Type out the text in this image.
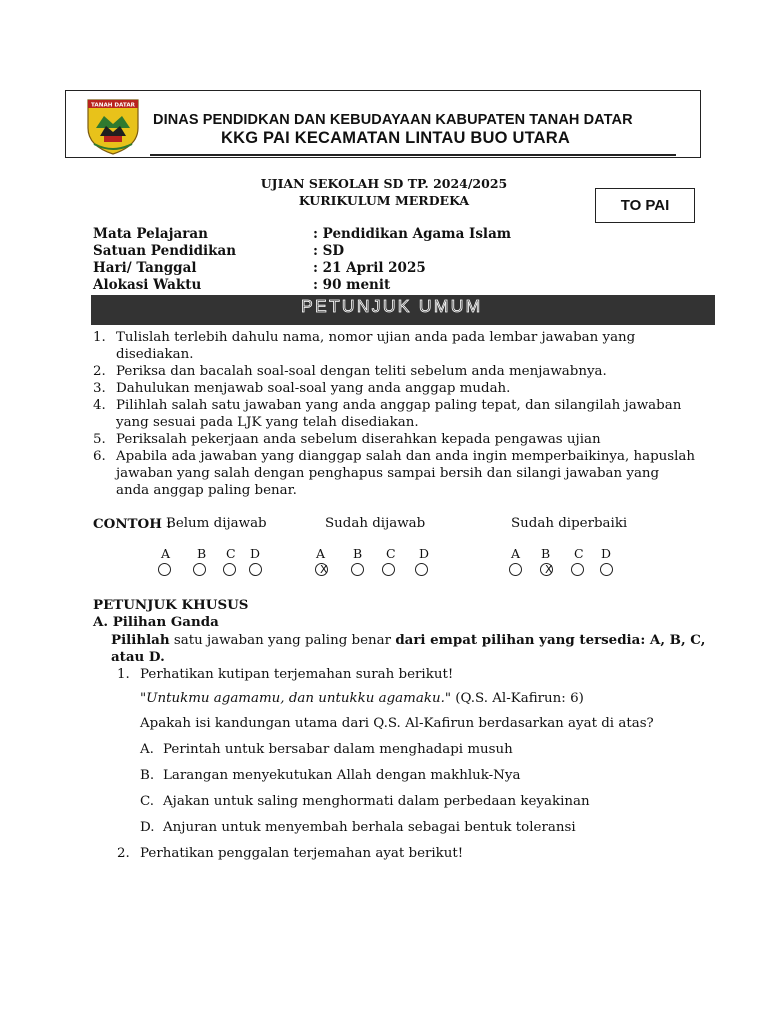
TANAH DATAR
DINAS PENDIDKAN DAN KEBUDAYAAN KABUPATEN TANAH DATAR
KKG PAI KECAMATAN LINTAU BUO UTARA
UJIAN SEKOLAH SD TP. 2024/2025
KURIKULUM MERDEKA	TO PAI
Mata Pelajaran	: Pendidikan Agama Islam
Satuan Pendidikan	: SD
Hari/ Tanggal	: 21 April 2025
Alokasi Waktu	: 90 menit
PETUNJUK UMUM
1. Tulislah terlebih dahulu nama, nomor ujian anda pada lembar jawaban yang disediakan.
2. Periksa dan bacalah soal-soal dengan teliti sebelum anda menjawabnya.
3. Dahulukan menjawab soal-soal yang anda anggap mudah.
4. Pilihlah salah satu jawaban yang anda anggap paling tepat, dan silangilah jawaban yang sesuai pada LJK yang telah disediakan.
5. Periksalah pekerjaan anda sebelum diserahkan kepada pengawas ujian
6. Apabila ada jawaban yang dianggap salah dan anda ingin memperbaikinya, hapuslah jawaban yang salah dengan penghapus sampai bersih dan silangi jawaban yang anda anggap paling benar.
CONTOH :
Belum dijawab	Sudah dijawab	Sudah diperbaiki
A B C D	A B C D
X
A B C D
X
PETUNJUK KHUSUS
A. Pilihan Ganda
Pilihlah satu jawaban yang paling benar dari empat pilihan yang tersedia: A, B, C,
atau D.
1. Perhatikan kutipan terjemahan surah berikut!
"Untukmu agamamu, dan untukku agamaku." (Q.S. Al-Kafirun: 6)
Apakah isi kandungan utama dari Q.S. Al-Kafirun berdasarkan ayat di atas?
A. Perintah untuk bersabar dalam menghadapi musuh
B. Larangan menyekutukan Allah dengan makhluk-Nya
C. Ajakan untuk saling menghormati dalam perbedaan keyakinan
D. Anjuran untuk menyembah berhala sebagai bentuk toleransi
2. Perhatikan penggalan terjemahan ayat berikut!
